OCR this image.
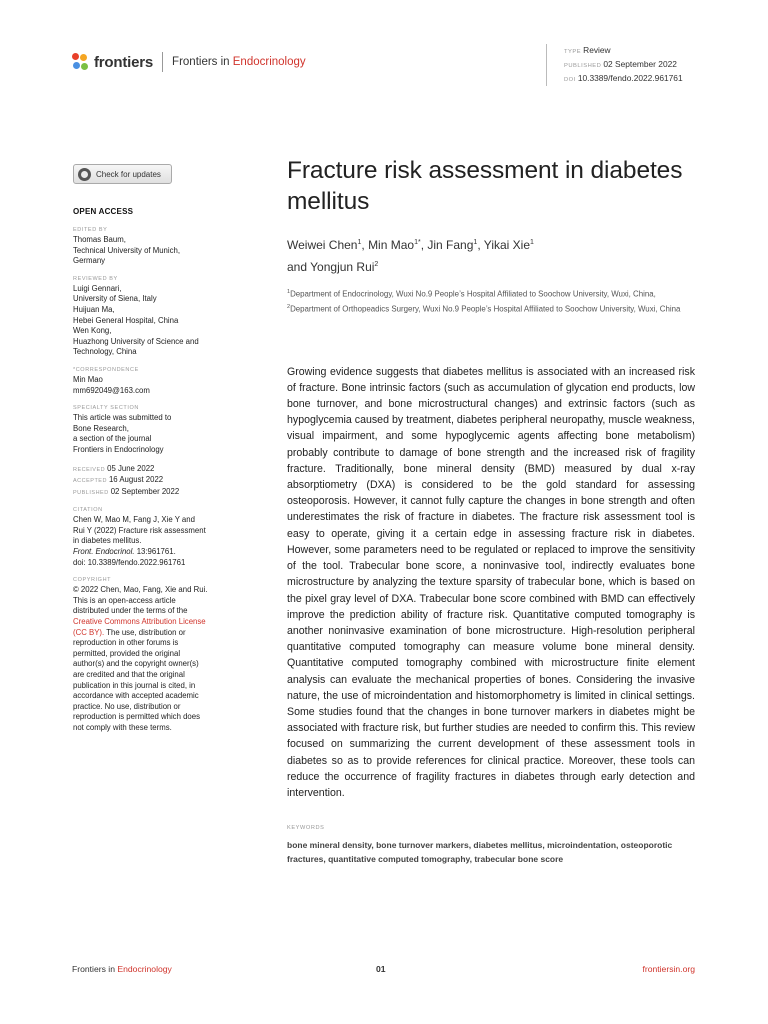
frontiers Frontiers in Endocrinology
TYPE Review
PUBLISHED 02 September 2022
DOI 10.3389/fendo.2022.961761
Check for updates
OPEN ACCESS
EDITED BY
Thomas Baum,
Technical University of Munich,
Germany
REVIEWED BY
Luigi Gennari,
University of Siena, Italy
Huijuan Ma,
Hebei General Hospital, China
Wen Kong,
Huazhong University of Science and
Technology, China
*CORRESPONDENCE
Min Mao
mm692049@163.com
SPECIALTY SECTION
This article was submitted to
Bone Research,
a section of the journal
Frontiers in Endocrinology
RECEIVED 05 June 2022
ACCEPTED 16 August 2022
PUBLISHED 02 September 2022
CITATION
Chen W, Mao M, Fang J, Xie Y and
Rui Y (2022) Fracture risk assessment
in diabetes mellitus.
Front. Endocrinol. 13:961761.
doi: 10.3389/fendo.2022.961761
COPYRIGHT
© 2022 Chen, Mao, Fang, Xie and Rui.
This is an open-access article
distributed under the terms of the
Creative Commons Attribution License
(CC BY). The use, distribution or
reproduction in other forums is
permitted, provided the original
author(s) and the copyright owner(s)
are credited and that the original
publication in this journal is cited, in
accordance with accepted academic
practice. No use, distribution or
reproduction is permitted which does
not comply with these terms.
Fracture risk assessment in diabetes mellitus
Weiwei Chen$^1$, Min Mao$^{1*}$, Jin Fang$^1$, Yikai Xie$^1$
and Yongjun Rui$^2$
$^1$Department of Endocrinology, Wuxi No.9 People’s Hospital Affiliated to Soochow University, Wuxi, China, $^2$Department of Orthopeadics Surgery, Wuxi No.9 People’s Hospital Affiliated to Soochow University, Wuxi, China

Growing evidence suggests that diabetes mellitus is associated with an increased risk of fracture. Bone intrinsic factors (such as accumulation of glycation end products, low bone turnover, and bone microstructural changes) and extrinsic factors (such as hypoglycemia caused by treatment, diabetes peripheral neuropathy, muscle weakness, visual impairment, and some hypoglycemic agents affecting bone metabolism) probably contribute to damage of bone strength and the increased risk of fragility fracture. Traditionally, bone mineral density (BMD) measured by dual x-ray absorptiometry (DXA) is considered to be the gold standard for assessing osteoporosis. However, it cannot fully capture the changes in bone strength and often underestimates the risk of fracture in diabetes. The fracture risk assessment tool is easy to operate, giving it a certain edge in assessing fracture risk in diabetes. However, some parameters need to be regulated or replaced to improve the sensitivity of the tool. Trabecular bone score, a noninvasive tool, indirectly evaluates bone microstructure by analyzing the texture sparsity of trabecular bone, which is based on the pixel gray level of DXA. Trabecular bone score combined with BMD can effectively improve the prediction ability of fracture risk. Quantitative computed tomography is another noninvasive examination of bone microstructure. High-resolution peripheral quantitative computed tomography can measure volume bone mineral density. Quantitative computed tomography combined with microstructure finite element analysis can evaluate the mechanical properties of bones. Considering the invasive nature, the use of microindentation and histomorphometry is limited in clinical settings. Some studies found that the changes in bone turnover markers in diabetes might be associated with fracture risk, but further studies are needed to confirm this. This review focused on summarizing the current development of these assessment tools in diabetes so as to provide references for clinical practice. Moreover, these tools can reduce the occurrence of fragility fractures in diabetes through early detection and intervention.

KEYWORDS
bone mineral density, bone turnover markers, diabetes mellitus, microindentation, osteoporotic fractures, quantitative computed tomography, trabecular bone score
Frontiers in Endocrinology	01	frontiersin.org
